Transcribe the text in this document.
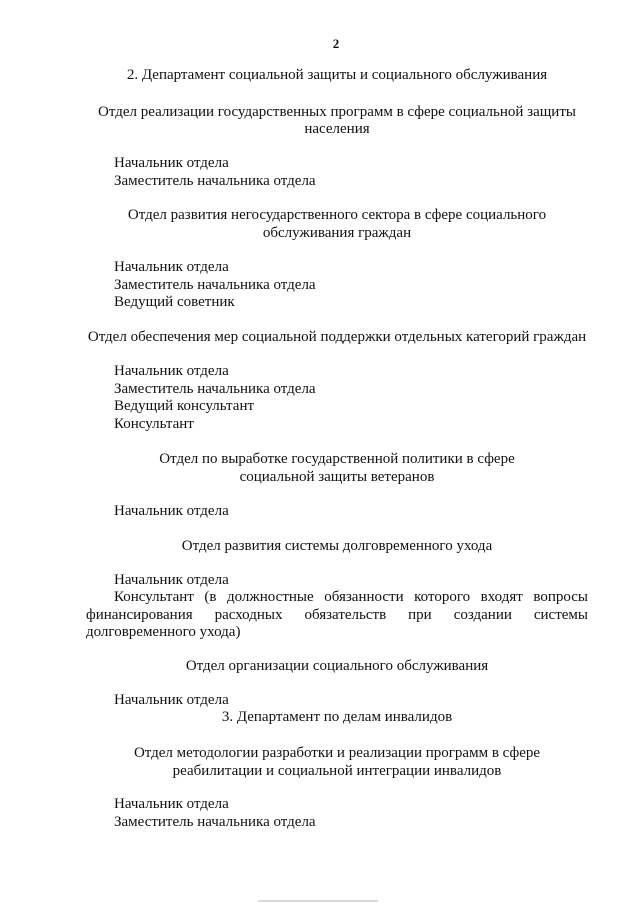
2
2. Департамент социальной защиты и социального обслуживания
Отдел реализации государственных программ в сфере социальной защиты
населения
Начальник отдела
Заместитель начальника отдела
Отдел развития негосударственного сектора в сфере социального
обслуживания граждан
Начальник отдела
Заместитель начальника отдела
Ведущий советник
Отдел обеспечения мер социальной поддержки отдельных категорий граждан
Начальник отдела
Заместитель начальника отдела
Ведущий консультант
Консультант
Отдел по выработке государственной политики в сфере
социальной защиты ветеранов
Начальник отдела
Отдел развития системы долговременного ухода
Начальник отдела
Консультант (в должностные обязанности которого входят вопросы
финансирования расходных обязательств при создании системы
долговременного ухода)
Отдел организации социального обслуживания
Начальник отдела
3. Департамент по делам инвалидов
Отдел методологии разработки и реализации программ в сфере
реабилитации и социальной интеграции инвалидов
Начальник отдела
Заместитель начальника отдела
